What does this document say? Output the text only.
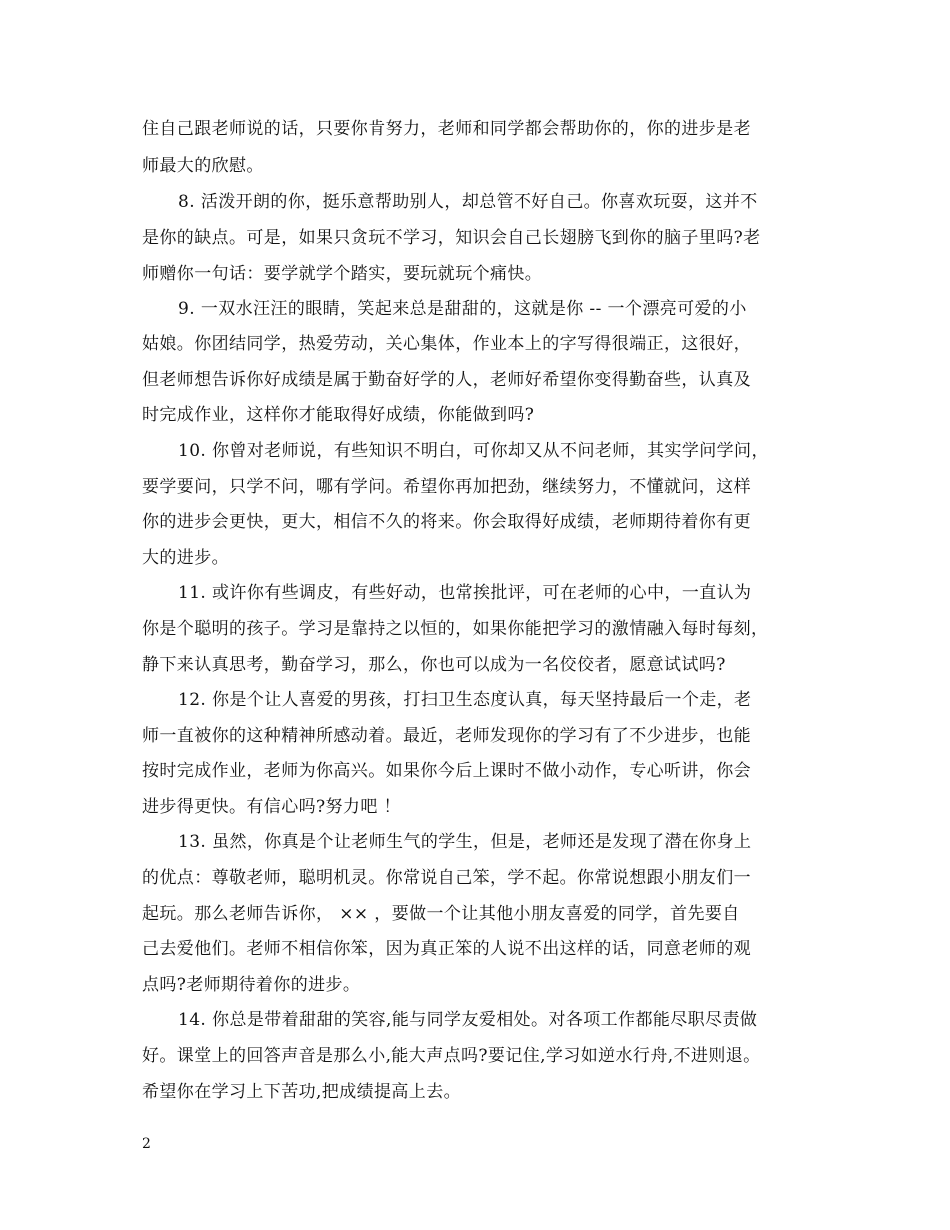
住自己跟老师说的话，只要你肯努力，老师和同学都会帮助你的，你的进步是老

师最大的欣慰。

8. 活泼开朗的你，挺乐意帮助别人，却总管不好自己。你喜欢玩耍，这并不

是你的缺点。可是，如果只贪玩不学习，知识会自己长翅膀飞到你的脑子里吗?老

师赠你一句话：要学就学个踏实，要玩就玩个痛快。

9. 一双水汪汪的眼睛，笑起来总是甜甜的，这就是你 -- 一个漂亮可爱的小

姑娘。你团结同学，热爱劳动，关心集体，作业本上的字写得很端正，这很好，

但老师想告诉你好成绩是属于勤奋好学的人，老师好希望你变得勤奋些，认真及

时完成作业，这样你才能取得好成绩，你能做到吗?

10. 你曾对老师说，有些知识不明白，可你却又从不问老师，其实学问学问，

要学要问，只学不问，哪有学问。希望你再加把劲，继续努力，不懂就问，这样

你的进步会更快，更大，相信不久的将来。你会取得好成绩，老师期待着你有更

大的进步。

11. 或许你有些调皮，有些好动，也常挨批评，可在老师的心中，一直认为

你是个聪明的孩子。学习是靠持之以恒的，如果你能把学习的激情融入每时每刻，

静下来认真思考，勤奋学习，那么，你也可以成为一名佼佼者，愿意试试吗?

12. 你是个让人喜爱的男孩，打扫卫生态度认真，每天坚持最后一个走，老

师一直被你的这种精神所感动着。最近，老师发现你的学习有了不少进步，也能

按时完成作业，老师为你高兴。如果你今后上课时不做小动作，专心听讲，你会

进步得更快。有信心吗?努力吧 ！

13. 虽然，你真是个让老师生气的学生，但是，老师还是发现了潜在你身上

的优点：尊敬老师，聪明机灵。你常说自己笨，学不起。你常说想跟小朋友们一

起玩。那么老师告诉你， ×× ，要做一个让其他小朋友喜爱的同学，首先要自

己去爱他们。老师不相信你笨，因为真正笨的人说不出这样的话，同意老师的观

点吗?老师期待着你的进步。

14. 你总是带着甜甜的笑容,能与同学友爱相处。对各项工作都能尽职尽责做

好。课堂上的回答声音是那么小,能大声点吗?要记住,学习如逆水行舟,不进则退。

希望你在学习上下苦功,把成绩提高上去。

2
